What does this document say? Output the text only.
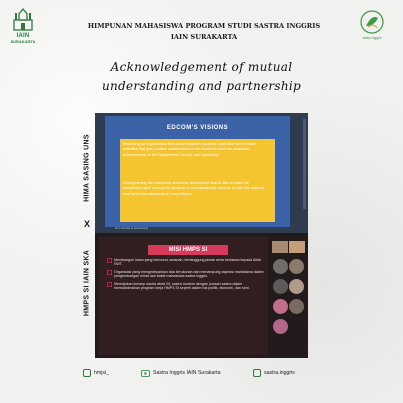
IAIN
SURAKARTA
HIMPUNAN MAHASISWA PROGRAM STUDI SASTRA INGGRIS
IAIN SURAKARTA	sastra inggris
Acknowledgement of mutual
understanding and partnership
HIMA SASING UNS
X
HMPS SI IAIN SKA
EDCOM'S VISIONS
Becoming an organization that accommodates students' aspiration and creative activities that give positive contributions to the academic and non-academic achievements of the Department, Faculty, and University.
Strengthening the conducive academic atmosphere that is able to raise the competitive spirit among the students to enthusiastically achieve in both the national-level and international-level competitions.
Uun Gunita is presenting
MISI HMPS SI
Membangun insan yang bermoral, amanah, berlanggung jawab serta bertakwa kepada Allah SWT.
Organisasi yang mengedepankan tata kerukunan dan menampung aspirasi mahasiswa dalam pengembangan minat dan bakat mahasiswa sastra inggris.
Memajukan konsep sastra abad 20, sastra modern dengan jurusan sastra dalam memaksimalkan program kerja HMPS SI seperti dalam hal politik, ekonomi, dan seni.
hmjsi_	Sastra Inggris IAIN Surakarta	sastra.inggris
